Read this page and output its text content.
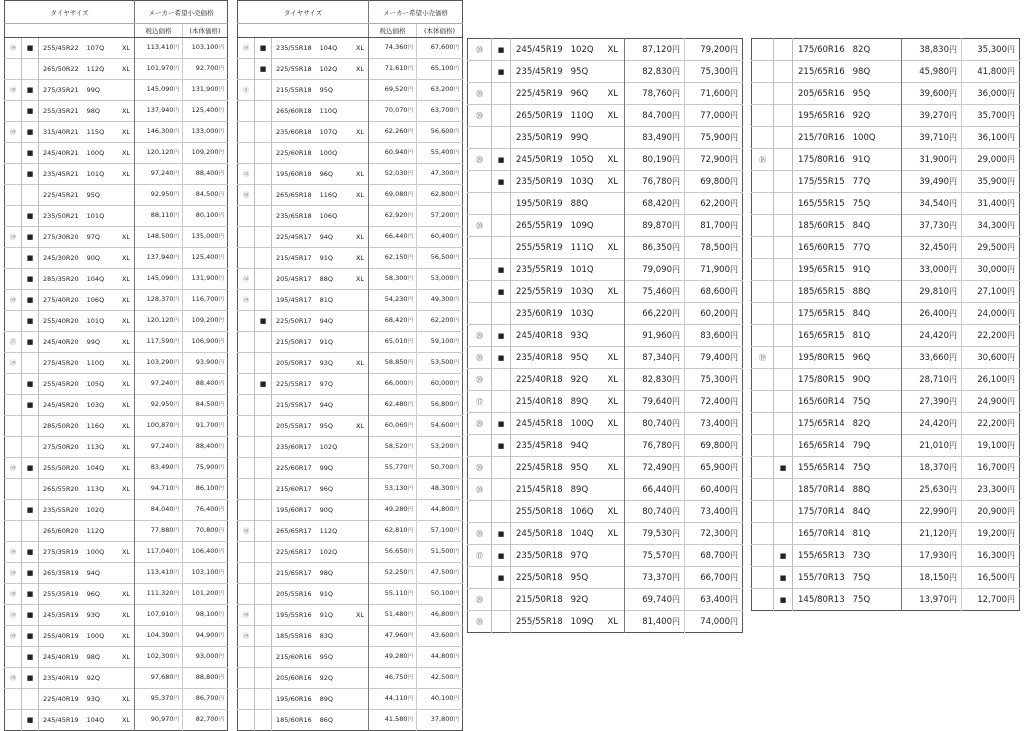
タイヤサイズ			メーカー希望小売価格	
			税込価格	(本体価格)
⑲	■	255/45R22 107Q XL	113,410円	103,100円
		265/50R22 112Q XL	101,970円	92,700円
⑲	■	275/35R21 99Q	145,090円	131,900円
	■	255/35R21 98Q XL	137,940円	125,400円
⑲	■	315/40R21 115Q XL	146,300円	133,000円
	■	245/40R21 100Q XL	120,120円	109,200円
	■	235/45R21 101Q XL	97,240円	88,400円
		225/45R21 95Q	92,950円	84,500円
	■	235/50R21 101Q	88,110円	80,100円
⑲	■	275/30R20 97Q XL	148,500円	135,000円
	■	245/30R20 90Q XL	137,940円	125,400円
	■	285/35R20 104Q XL	145,090円	131,900円
⑲	■	275/40R20 106Q XL	128,370円	116,700円
	■	255/40R20 101Q XL	120,120円	109,200円
⑰	■	245/40R20 99Q XL	117,590円	106,900円
⑲		275/45R20 110Q XL	103,290円	93,900円
	■	255/45R20 105Q XL	97,240円	88,400円
	■	245/45R20 103Q XL	92,950円	84,500円
		285/50R20 116Q XL	100,870円	91,700円
		275/50R20 113Q XL	97,240円	88,400円
⑲	■	255/50R20 104Q XL	83,490円	75,900円
		265/55R20 113Q XL	94,710円	86,100円
	■	235/55R20 102Q	84,040円	76,400円
		265/60R20 112Q	77,880円	70,800円
⑲	■	275/35R19 100Q XL	117,040円	106,400円
⑲	■	265/35R19 94Q	113,410円	103,100円
⑲	■	255/35R19 96Q XL	111,320円	101,200円
⑲	■	245/35R19 93Q XL	107,910円	98,100円
⑲	■	255/40R19 100Q XL	104,390円	94,900円
	■	245/40R19 98Q XL	102,300円	93,000円
⑲	■	235/40R19 92Q	97,680円	88,800円
		225/40R19 93Q XL	95,370円	86,700円
	■	245/45R19 104Q XL	90,970円	82,700円
タイヤサイズ			メーカー希望小売価格	
			税込価格	(本体価格)
⑲	■	235/55R18 104Q XL	74,360円	67,600円
	■	225/55R18 102Q XL	71,610円	65,100円
⑪		215/55R18 95Q	69,520円	63,200円
		265/60R18 110Q	70,070円	63,700円
		235/60R18 107Q XL	62,260円	56,600円
		225/60R18 100Q	60,940円	55,400円
⑫		195/60R18 96Q XL	52,030円	47,300円
⑱		265/65R18 116Q XL	69,080円	62,800円
		235/65R18 106Q	62,920円	57,200円
		225/45R17 94Q XL	66,440円	60,400円
		215/45R17 91Q XL	62,150円	56,500円
⑫		205/45R17 88Q XL	58,300円	53,000円
⑲		195/45R17 81Q	54,230円	49,300円
	■	225/50R17 94Q	68,420円	62,200円
		215/50R17 91Q	65,010円	59,100円
		205/50R17 93Q XL	58,850円	53,500円
	■	225/55R17 97Q	66,000円	60,000円
		215/55R17 94Q	62,480円	56,800円
		205/55R17 95Q XL	60,060円	54,600円
		235/60R17 102Q	58,520円	53,200円
		225/60R17 99Q	55,770円	50,700円
		215/60R17 96Q	53,130円	48,300円
		195/60R17 90Q	49,280円	44,800円
⑱		265/65R17 112Q	62,810円	57,100円
		225/65R17 102Q	56,650円	51,500円
		215/65R17 98Q	52,250円	47,500円
		205/55R16 91Q	55,110円	50,100円
⑲		195/55R16 91Q XL	51,480円	46,800円
⑲		185/55R16 83Q	47,960円	43,600円
		215/60R16 95Q	49,280円	44,800円
		205/60R16 92Q	46,750円	42,500円
		195/60R16 89Q	44,110円	40,100円
		185/60R16 86Q	41,580円	37,800円
⑳	■	245/45R19 102Q XL	87,120円	79,200円
	■	235/45R19 95Q	82,830円	75,300円
⑳		225/45R19 96Q XL	78,760円	71,600円
⑳		265/50R19 110Q XL	84,700円	77,000円
		235/50R19 99Q	83,490円	75,900円
⑳	■	245/50R19 105Q XL	80,190円	72,900円
	■	235/50R19 103Q XL	76,780円	69,800円
		195/50R19 88Q	68,420円	62,200円
⑳		265/55R19 109Q	89,870円	81,700円
		255/55R19 111Q XL	86,350円	78,500円
	■	235/55R19 101Q	79,090円	71,900円
	■	225/55R19 103Q XL	75,460円	68,600円
		235/60R19 103Q	66,220円	60,200円
⑳	■	245/40R18 93Q	91,960円	83,600円
⑳	■	235/40R18 95Q XL	87,340円	79,400円
⑳		225/40R18 92Q XL	82,830円	75,300円
⑰		215/40R18 89Q XL	79,640円	72,400円
⑳	■	245/45R18 100Q XL	80,740円	73,400円
	■	235/45R18 94Q	76,780円	69,800円
⑳		225/45R18 95Q XL	72,490円	65,900円
⑳		215/45R18 89Q	66,440円	60,400円
		255/50R18 106Q XL	80,740円	73,400円
⑳	■	245/50R18 104Q XL	79,530円	72,300円
⑰	■	235/50R18 97Q	75,570円	68,700円
	■	225/50R18 95Q	73,370円	66,700円
⑳		215/50R18 92Q	69,740円	63,400円
⑳		255/55R18 109Q XL	81,400円	74,000円
		175/60R16 82Q	38,830円	35,300円
		215/65R16 98Q	45,980円	41,800円
		205/65R16 95Q	39,600円	36,000円
		195/65R16 92Q	39,270円	35,700円
		215/70R16 100Q	39,710円	36,100円
⑱		175/80R16 91Q	31,900円	29,000円
		175/55R15 77Q	39,490円	35,900円
		165/55R15 75Q	34,540円	31,400円
		185/60R15 84Q	37,730円	34,300円
		165/60R15 77Q	32,450円	29,500円
		195/65R15 91Q	33,000円	30,000円
		185/65R15 88Q	29,810円	27,100円
		175/65R15 84Q	26,400円	24,000円
		165/65R15 81Q	24,420円	22,200円
⑲		195/80R15 96Q	33,660円	30,600円
		175/80R15 90Q	28,710円	26,100円
		165/60R14 75Q	27,390円	24,900円
		175/65R14 82Q	24,420円	22,200円
		165/65R14 79Q	21,010円	19,100円
	■	155/65R14 75Q	18,370円	16,700円
		185/70R14 88Q	25,630円	23,300円
		175/70R14 84Q	22,990円	20,900円
		165/70R14 81Q	21,120円	19,200円
	■	155/65R13 73Q	17,930円	16,300円
	■	155/70R13 75Q	18,150円	16,500円
	■	145/80R13 75Q	13,970円	12,700円
